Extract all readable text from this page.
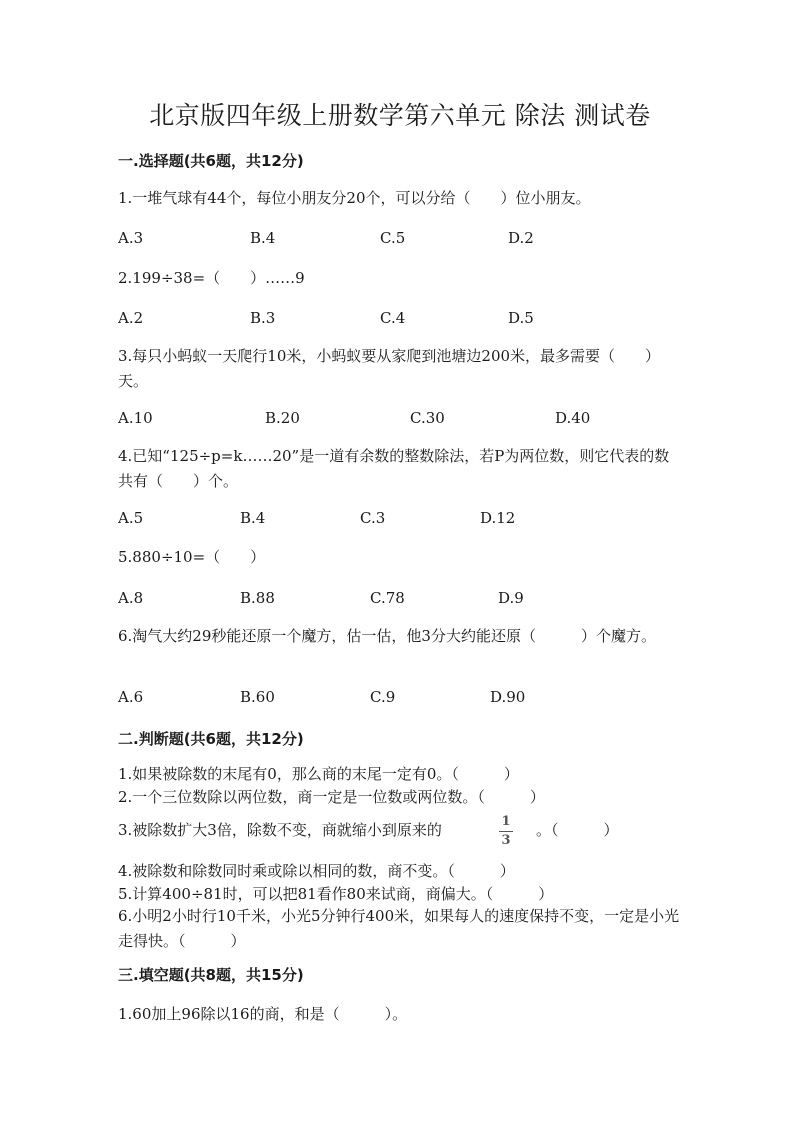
北京版四年级上册数学第六单元 除法 测试卷
一.选择题(共6题，共12分)
1.一堆气球有44个，每位小朋友分20个，可以分给（　　）位小朋友。
A.3	B.4	C.5	D.2
2.199÷38=（　　）……9
A.2	B.3	C.4	D.5
3.每只小蚂蚁一天爬行10米，小蚂蚁要从家爬到池塘边200米，最多需要（　　）天。
A.10	B.20	C.30	D.40
4.已知“125÷p=k……20”是一道有余数的整数除法，若P为两位数，则它代表的数共有（　　）个。
A.5	B.4	C.3	D.12
5.880÷10=（　　）
A.8	B.88	C.78	D.9
6.淘气大约29秒能还原一个魔方，估一估，他3分大约能还原（　　　）个魔方。
A.6	B.60	C.9	D.90
二.判断题(共6题，共12分)
1.如果被除数的末尾有0，那么商的末尾一定有0。（　　　）
2.一个三位数除以两位数，商一定是一位数或两位数。（　　　）
3.被除数扩大3倍，除数不变，商就缩小到原来的	1
3
。（　　　）
4.被除数和除数同时乘或除以相同的数，商不变。（　　　）
5.计算400÷81时，可以把81看作80来试商，商偏大。（　　　）
6.小明2小时行10千米，小光5分钟行400米，如果每人的速度保持不变，一定是小光走得快。（　　　）
三.填空题(共8题，共15分)
1.60加上96除以16的商，和是（　　　）。
